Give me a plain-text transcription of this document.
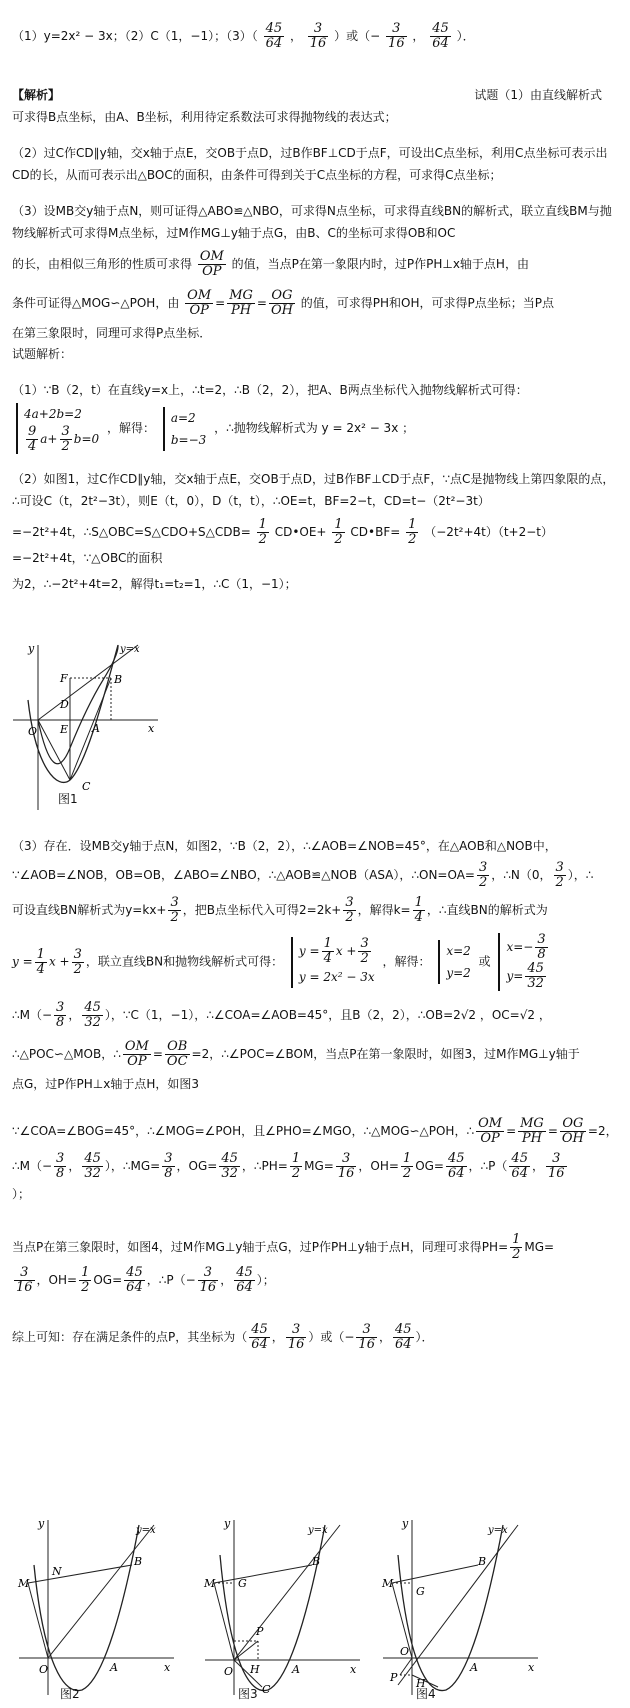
（1）y=2x² − 3x；（2）C（1，−1）；$(3)( \frac{45}{64}$ ， $\frac{3}{16}$ ）或（− $\frac{3}{16}$ ， $\frac{45}{64}$ ）．
【解析】	试题（1）由直线解析式
可求得B点坐标，由A、B坐标，利用待定系数法可求得抛物线的表达式；
（2）过C作CD∥y轴，交x轴于点E，交OB于点D，过B作BF⊥CD于点F，可设出C点坐标，利用C点坐标可表示出CD的长，从而可表示出△BOC的面积，由条件可得到关于C点坐标的方程，可求得C点坐标；
（3）设MB交y轴于点N，则可证得△ABO≌△NBO，可求得N点坐标，可求得直线BN的解析式，联立直线BM与抛物线解析式可求得M点坐标，过M作MG⊥y轴于点G，由B、C的坐标可求得OB和OC
的长，由相似三角形的性质可求得 $\frac{OM}{OP}$ 的值，当点P在第一象限内时，过P作PH⊥x轴于点H，由
条件可证得△MOG∽△POH，由 $\frac{OM}{OP} = \frac{MG}{PH} = \frac{OG}{OH}$ 的值，可求得PH和OH，可求得P点坐标；当P点
在第三象限时，同理可求得P点坐标．
试题解析：
（1）∵B（2，t）在直线y=x上，∴t=2，∴B（2，2），把A、B两点坐标代入抛物线解析式可得：
4a+2b=2
$\frac{9}{4} a+ \frac{3}{2} b=0$
，解得：
a=2
b=−3
，∴抛物线解析式为 y = 2x² − 3x ；
（2）如图1，过C作CD∥y轴，交x轴于点E，交OB于点D，过B作BF⊥CD于点F，∵点C是抛物线上第四象限的点，∴可设C（t，2t²−3t），则E（t，0），D（t，t），∴OE=t，BF=2−t，CD=t−（2t²−3t）
=−2t²+4t，∴S△OBC=S△CDO+S△CDB= $\frac{1}{2}$ CD•OE+ $\frac{1}{2}$ CD•BF= $\frac{1}{2} (-2t^2+4t)(t+2-t)=-2t^2+4t$，∵△OBC的面积
为2，∴−2t²+4t=2，解得t₁=t₂=1，∴C（1，−1）；
y
x
O
B
F
D
E A
C
y=x
图1
（3）存在．设MB交y轴于点N，如图2，∵B（2，2），∴∠AOB=∠NOB=45°，在△AOB和△NOB中，
∵∠AOB=∠NOB，OB=OB，∠ABO=∠NBO，∴△AOB≌△NOB（ASA），∴ON=OA= $\frac{3}{2}$ ，∴N（0， $\frac{3}{2}$ ），∴
可设直线BN解析式为$y=kx+ \frac{3}{2}$ ，把B点坐标代入可得$2=2k+ \frac{3}{2}$ ，解得$k= \frac{1}{4}$ ，∴直线BN的解析式为
$y = \frac{1}{4}$ $x + \frac{3}{2}$ ，联立直线BN和抛物线解析式可得：
$y = \frac{1}{4}$ $x + \frac{3}{2}$
y = 2x² − 3x
，解得：
x=2
y=2
或
$x=- \frac{3}{8}$
$y= \frac{45}{32}$
∴M（− $\frac{3}{8}$ ， $\frac{45}{32}$ ），∵C（1，−1），∴∠COA=∠AOB=45°，且B（2，2），∴OB=2√2 ，OC=√2 ，
∴△POC∽△MOB，∴ $\frac{OM}{OP} = \frac{OB}{OC} =2$，∴∠POC=∠BOM，当点P在第一象限时，如图3，过M作MG⊥y轴于
点G，过P作PH⊥x轴于点H，如图3
∵∠COA=∠BOG=45°，∴∠MOG=∠POH，且∠PHO=∠MGO，∴△MOG∽△POH，∴ $\frac{OM}{OP} = \frac{MG}{PH} = \frac{OG}{OH} =2$，
∴M（− $\frac{3}{8}$ ， $\frac{45}{32}$ ），∴MG= $\frac{3}{8}$ ，$OG= \frac{45}{32}$ ，∴PH= $\frac{1}{2} MG= \frac{3}{16}$ ，$OH= \frac{1}{2} OG= \frac{45}{64}$ ，∴P（ $\frac{45}{64}$ ， $\frac{3}{16}$
）；
当点P在第三象限时，如图4，过M作MG⊥y轴于点G，过P作PH⊥y轴于点H，同理可求得$PH= \frac{1}{2} MG=$
$\frac{3}{16}$ ，$OH= \frac{1}{2} OG= \frac{45}{64}$ ，∴P（− $\frac{3}{16}$ ， $\frac{45}{64}$ ）；
综上可知：存在满足条件的点P，其坐标为（ $\frac{45}{64}$ ， $\frac{3}{16}$ ）或（− $\frac{3}{16}$ ， $\frac{45}{64}$ ）．
y
x
O
M
N
B
A
y=x
图2
y
x
O
M G
B
P
H	A
C
y=x
图3
y
x
O
M
G
B
P H
A
y=x
图4
